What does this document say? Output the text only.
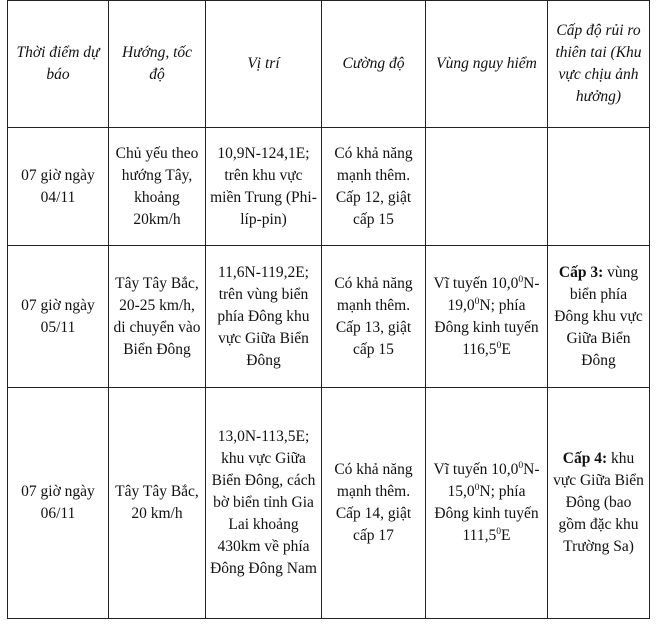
Thời điểm dự báo	Hướng, tốc độ	Vị trí	Cường độ	Vùng nguy hiểm	Cấp độ rủi ro thiên tai (Khu vực chịu ảnh hưởng)
07 giờ ngày 04/11	Chủ yếu theo hướng Tây, khoảng 20km/h	10,9N-124,1E; trên khu vực miền Trung (Phi-líp-pin)	Có khả năng mạnh thêm. Cấp 12, giật cấp 15		
07 giờ ngày 05/11	Tây Tây Bắc, 20-25 km/h, di chuyển vào Biển Đông	11,6N-119,2E; trên vùng biển phía Đông khu vực Giữa Biển Đông	Có khả năng mạnh thêm. Cấp 13, giật cấp 15	Vĩ tuyến 10,0$^0$N-19,0$^0$N; phía Đông kinh tuyến 116,5$^0$E	Cấp 3: vùng biển phía Đông khu vực Giữa Biển Đông
07 giờ ngày 06/11	Tây Tây Bắc, 20 km/h	13,0N-113,5E; khu vực Giữa Biển Đông, cách bờ biển tỉnh Gia Lai khoảng 430km về phía Đông Đông Nam	Có khả năng mạnh thêm. Cấp 14, giật cấp 17	Vĩ tuyến 10,0$^0$N-15,0$^0$N; phía Đông kinh tuyến 111,5$^0$E	Cấp 4: khu vực Giữa Biển Đông (bao gồm đặc khu Trường Sa)
